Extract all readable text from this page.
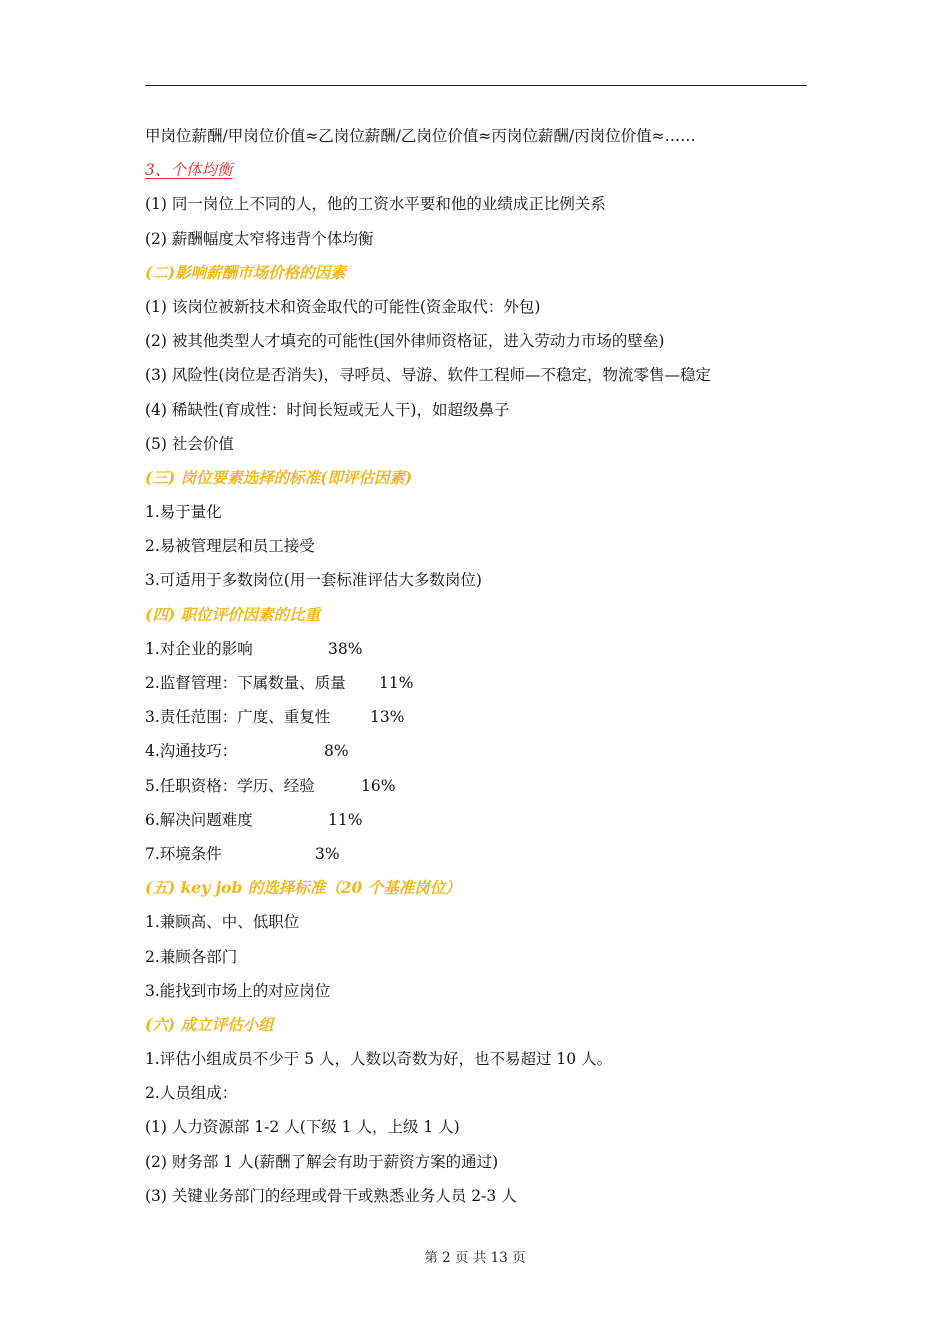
甲岗位薪酬/甲岗位价值≈乙岗位薪酬/乙岗位价值≈丙岗位薪酬/丙岗位价值≈……
3、个体均衡
(1) 同一岗位上不同的人，他的工资水平要和他的业绩成正比例关系
(2) 薪酬幅度太窄将违背个体均衡
(二)影响薪酬市场价格的因素
(1) 该岗位被新技术和资金取代的可能性(资金取代：外包)
(2) 被其他类型人才填充的可能性(国外律师资格证，进入劳动力市场的壁垒)
(3) 风险性(岗位是否消失)，寻呼员、导游、软件工程师—不稳定，物流零售—稳定
(4) 稀缺性(育成性：时间长短或无人干)，如超级鼻子
(5) 社会价值
(三) 岗位要素选择的标准(即评估因素)
1.易于量化
2.易被管理层和员工接受
3.可适用于多数岗位(用一套标准评估大多数岗位)
(四) 职位评价因素的比重
1.对企业的影响	38%
2.监督管理：下属数量、质量 11%
3.责任范围：广度、重复性	13%
4.沟通技巧：	8%
5.任职资格：学历、经验	16%
6.解决问题难度	11%
7.环境条件	3%
(五) key job 的选择标准（20 个基准岗位）
1.兼顾高、中、低职位
2.兼顾各部门
3.能找到市场上的对应岗位
(六) 成立评估小组
1.评估小组成员不少于 5 人，人数以奇数为好，也不易超过 10 人。
2.人员组成：
(1) 人力资源部 1-2 人(下级 1 人，上级 1 人)
(2) 财务部 1 人(薪酬了解会有助于薪资方案的通过)
(3) 关键业务部门的经理或骨干或熟悉业务人员 2-3 人
第 2 页 共 13 页
